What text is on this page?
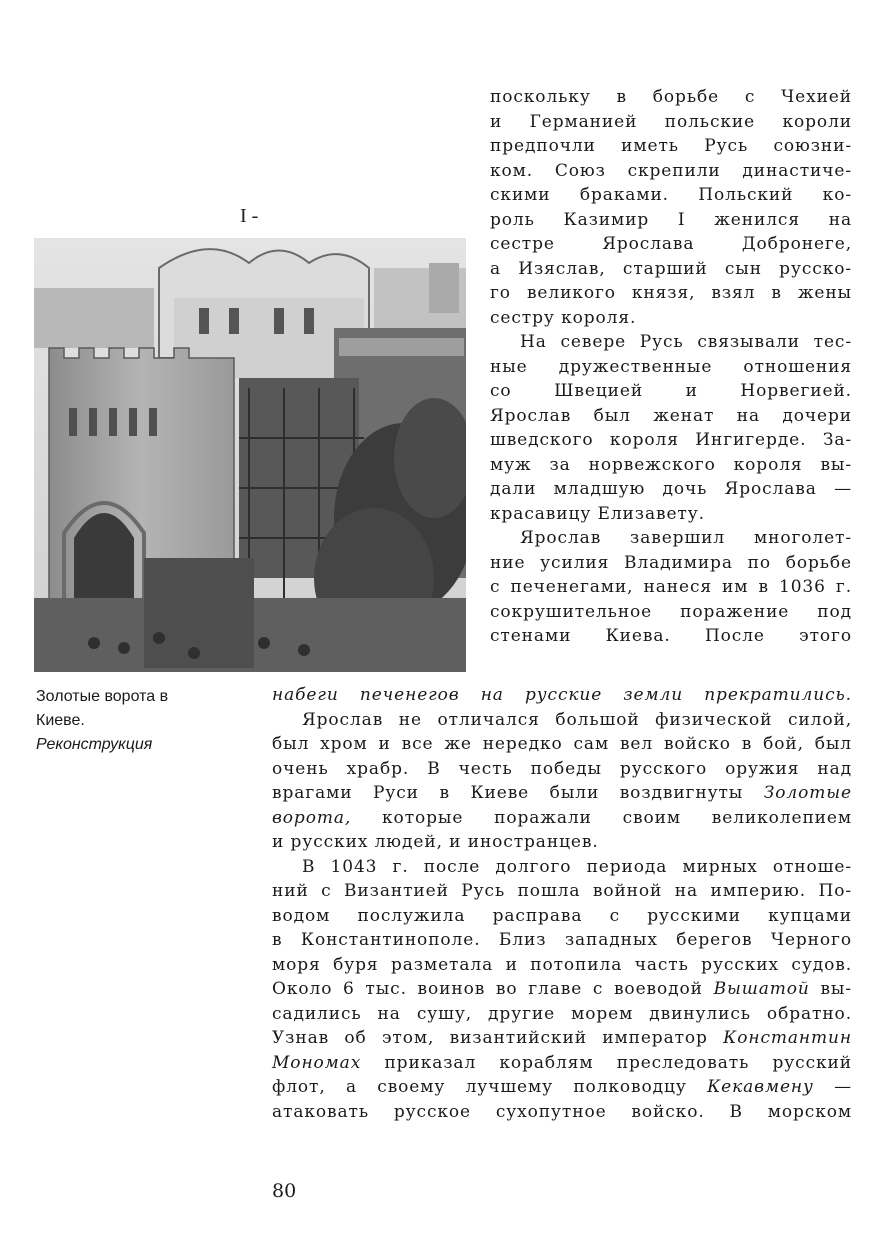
I -
поскольку в борьбе с Чехией
и Германией польские короли
предпочли иметь Русь союзни-
ком. Союз скрепили династиче-
скими браками. Польский ко-
роль Казимир I женился на
сестре Ярослава Добронеге,
а Изяслав, старший сын русско-
го великого князя, взял в жены
сестру короля.
На севере Русь связывали тес-
ные дружественные отношения
со Швецией и Норвегией.
Ярослав был женат на дочери
шведского короля Ингигерде. За-
муж за норвежского короля вы-
дали младшую дочь Ярослава —
красавицу Елизавету.
Ярослав завершил многолет-
ние усилия Владимира по борьбе
с печенегами, нанеся им в 1036 г.
сокрушительное поражение под
стенами Киева. После этого
Золотые ворота в
Киеве.
Реконструкция
набеги печенегов на русские земли прекратились.
Ярослав не отличался большой физической силой,
был хром и все же нередко сам вел войско в бой, был
очень храбр. В честь победы русского оружия над
врагами Руси в Киеве были воздвигнуты Золотые
ворота, которые поражали своим великолепием
и русских людей, и иностранцев.
В 1043 г. после долгого периода мирных отноше-
ний с Византией Русь пошла войной на империю. По-
водом послужила расправа с русскими купцами
в Константинополе. Близ западных берегов Черного
моря буря разметала и потопила часть русских судов.
Около 6 тыс. воинов во главе с воеводой Вышатой вы-
садились на сушу, другие морем двинулись обратно.
Узнав об этом, византийский император Константин
Мономах приказал кораблям преследовать русский
флот, а своему лучшему полководцу Кекавмену —
атаковать русское сухопутное войско. В морском
80
